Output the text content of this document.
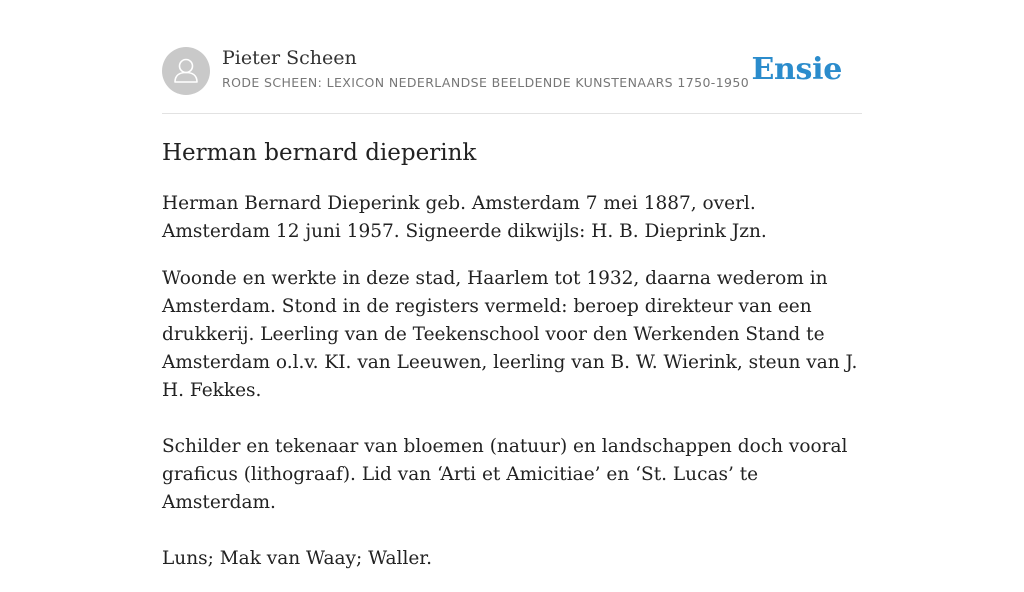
Pieter Scheen
RODE SCHEEN: LEXICON NEDERLANDSE BEELDENDE KUNSTENAARS 1750-1950 Ensie
Herman bernard dieperink

Herman Bernard Dieperink geb. Amsterdam 7 mei 1887, overl. Amsterdam 12 juni 1957. Signeerde dikwijls: H. B. Dieprink Jzn.

Woonde en werkte in deze stad, Haarlem tot 1932, daarna wederom in Amsterdam. Stond in de registers vermeld: beroep direkteur van een drukkerij. Leerling van de Teekenschool voor den Werkenden Stand te Amsterdam o.l.v. KI. van Leeuwen, leerling van B. W. Wierink, steun van J. H. Fekkes.

Schilder en tekenaar van bloemen (natuur) en landschappen doch vooral graficus (lithograaf). Lid van ‘Arti et Amicitiae’ en ‘St. Lucas’ te Amsterdam.

Luns; Mak van Waay; Waller.
